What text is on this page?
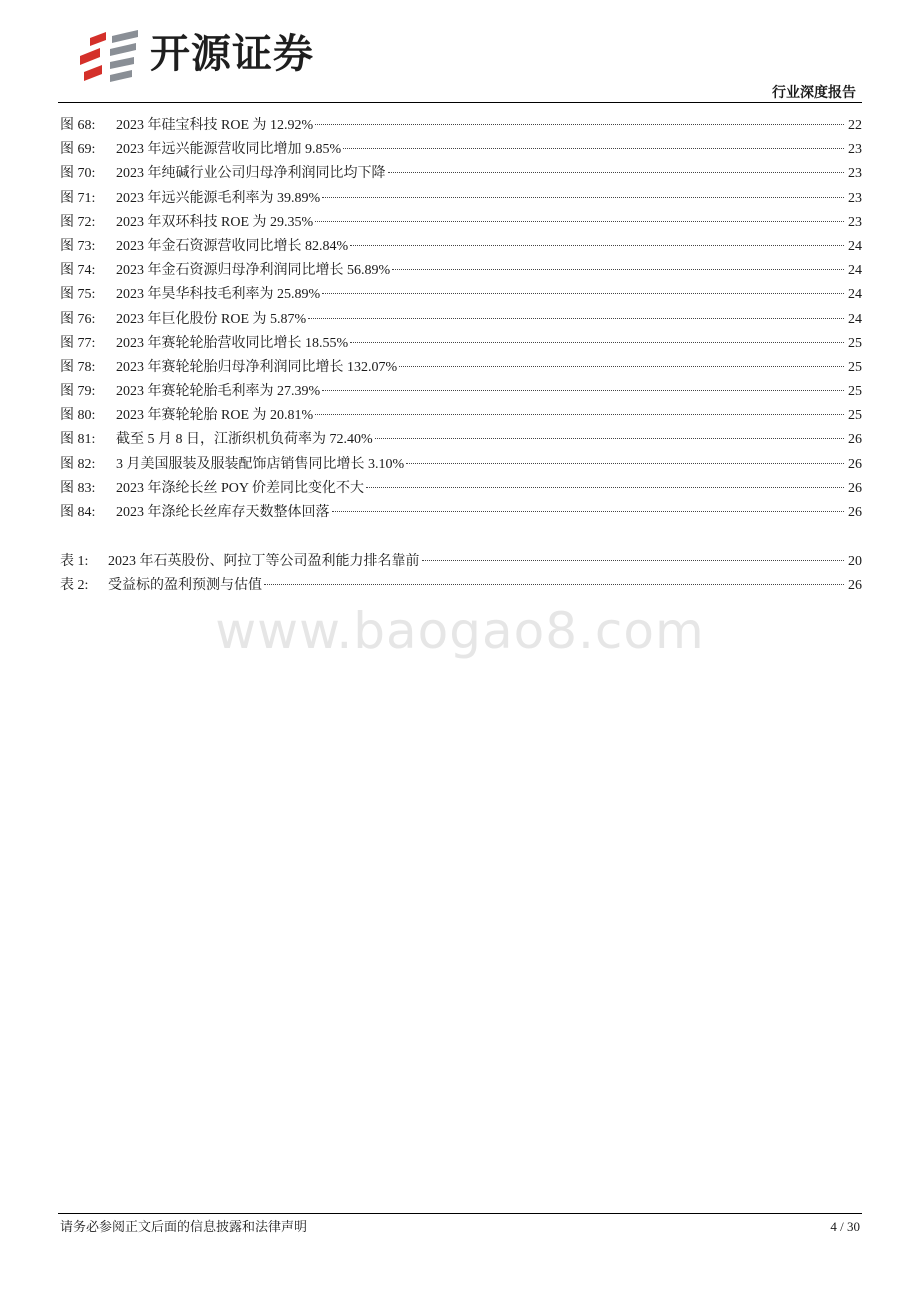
开源证券
行业深度报告
图 68:	2023 年硅宝科技 ROE 为 12.92%	22
图 69:	2023 年远兴能源营收同比增加 9.85%	23
图 70:	2023 年纯碱行业公司归母净利润同比均下降	23
图 71:	2023 年远兴能源毛利率为 39.89%	23
图 72:	2023 年双环科技 ROE 为 29.35%	23
图 73:	2023 年金石资源营收同比增长 82.84%	24
图 74:	2023 年金石资源归母净利润同比增长 56.89%	24
图 75:	2023 年昊华科技毛利率为 25.89%	24
图 76:	2023 年巨化股份 ROE 为 5.87%	24
图 77:	2023 年赛轮轮胎营收同比增长 18.55%	25
图 78:	2023 年赛轮轮胎归母净利润同比增长 132.07%	25
图 79:	2023 年赛轮轮胎毛利率为 27.39%	25
图 80:	2023 年赛轮轮胎 ROE 为 20.81%	25
图 81:	截至 5 月 8 日，江浙织机负荷率为 72.40%	26
图 82:	3 月美国服装及服装配饰店销售同比增长 3.10%	26
图 83:	2023 年涤纶长丝 POY 价差同比变化不大	26
图 84:	2023 年涤纶长丝库存天数整体回落	26
表 1:	2023 年石英股份、阿拉丁等公司盈利能力排名靠前	20
表 2:	受益标的盈利预测与估值	26
www.baogao8.com
请务必参阅正文后面的信息披露和法律声明	4 / 30
